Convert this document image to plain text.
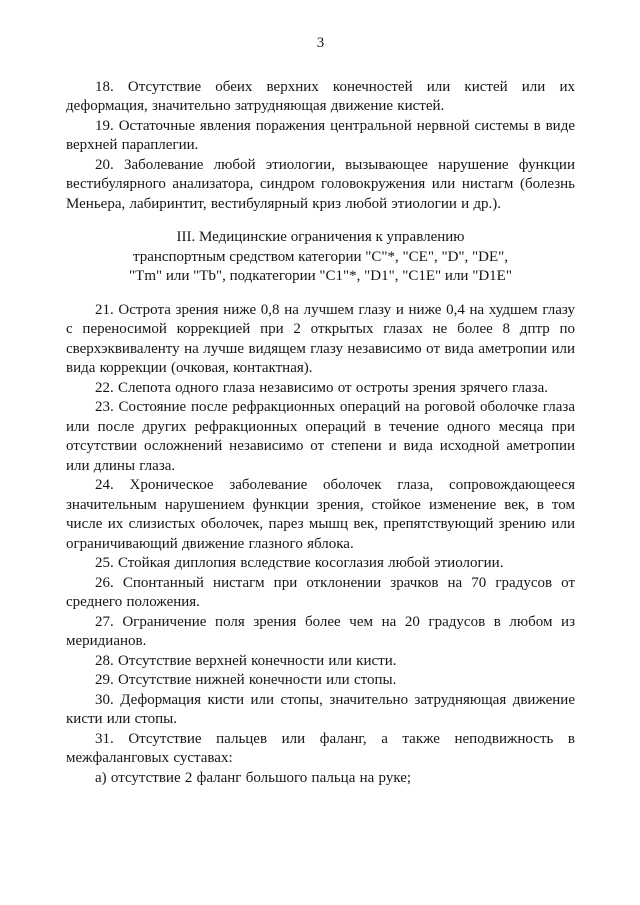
3

18. Отсутствие обеих верхних конечностей или кистей или их деформация, значительно затрудняющая движение кистей.

19. Остаточные явления поражения центральной нервной системы в виде верхней параплегии.

20. Заболевание любой этиологии, вызывающее нарушение функции вестибулярного анализатора, синдром головокружения или нистагм (болезнь Меньера, лабиринтит, вестибулярный криз любой этиологии и др.).

III. Медицинские ограничения к управлению
транспортным средством категории "C"*, "CE", "D", "DE",
"Tm" или "Tb", подкатегории "C1"*, "D1", "C1E" или "D1E"

21. Острота зрения ниже 0,8 на лучшем глазу и ниже 0,4 на худшем глазу с переносимой коррекцией при 2 открытых глазах не более 8 дптр по сверхэквиваленту на лучше видящем глазу независимо от вида аметропии или вида коррекции (очковая, контактная).

22. Слепота одного глаза независимо от остроты зрения зрячего глаза.

23. Состояние после рефракционных операций на роговой оболочке глаза или после других рефракционных операций в течение одного месяца при отсутствии осложнений независимо от степени и вида исходной аметропии или длины глаза.

24. Хроническое заболевание оболочек глаза, сопровождающееся значительным нарушением функции зрения, стойкое изменение век, в том числе их слизистых оболочек, парез мышц век, препятствующий зрению или ограничивающий движение глазного яблока.

25. Стойкая диплопия вследствие косоглазия любой этиологии.

26. Спонтанный нистагм при отклонении зрачков на 70 градусов от среднего положения.

27. Ограничение поля зрения более чем на 20 градусов в любом из меридианов.

28. Отсутствие верхней конечности или кисти.

29. Отсутствие нижней конечности или стопы.

30. Деформация кисти или стопы, значительно затрудняющая движение кисти или стопы.

31. Отсутствие пальцев или фаланг, а также неподвижность в межфаланговых суставах:

а) отсутствие 2 фаланг большого пальца на руке;
